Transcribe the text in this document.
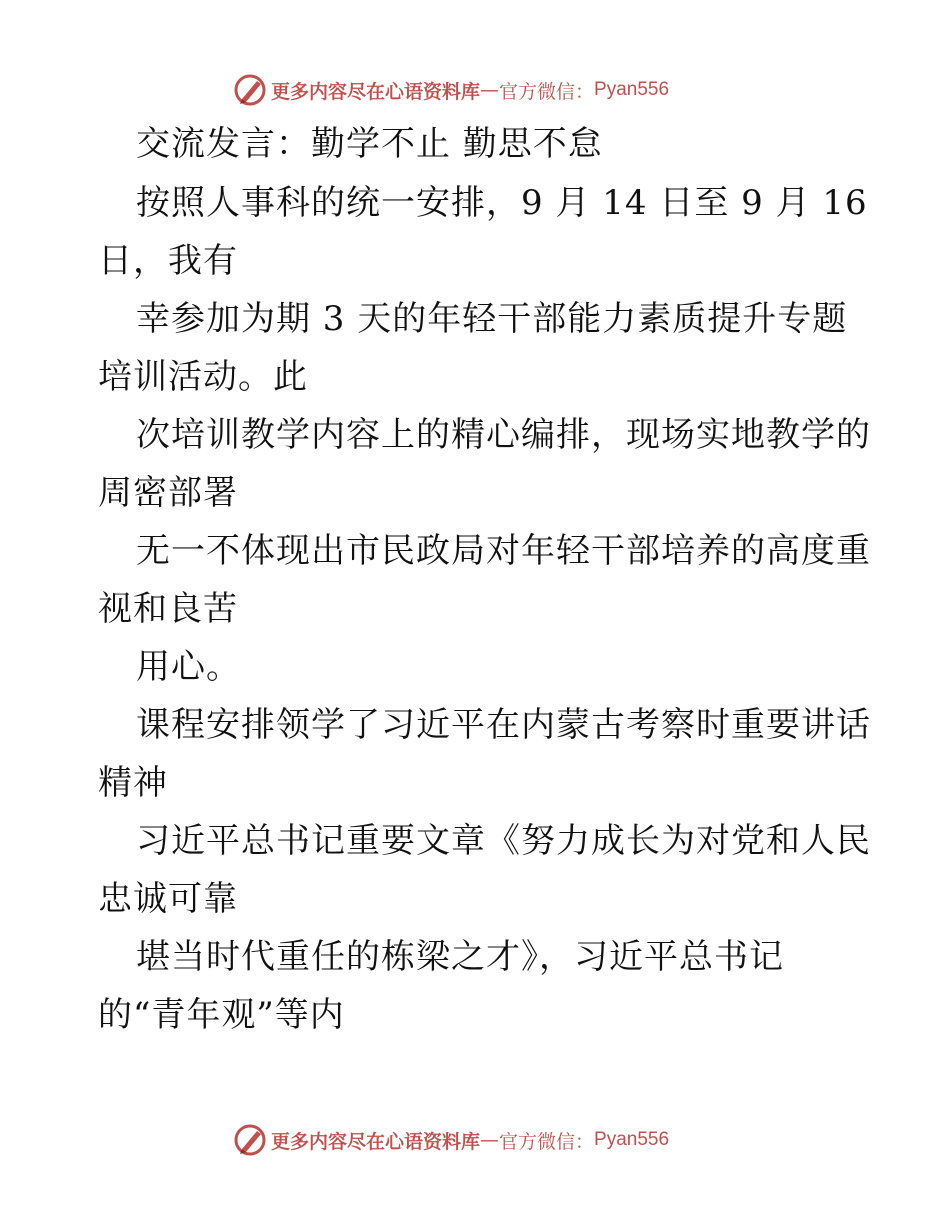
更多内容尽在心语资料库 — 官方微信： Pyan556
交流发言：勤学不止 勤思不怠
按照人事科的统一安排，9 月 14 日至 9 月 16
日，我有
幸参加为期 3 天的年轻干部能力素质提升专题
培训活动。此
次培训教学内容上的精心编排，现场实地教学的
周密部署
无一不体现出市民政局对年轻干部培养的高度重
视和良苦
用心。
课程安排领学了习近平在内蒙古考察时重要讲话
精神
习近平总书记重要文章《努力成长为对党和人民
忠诚可靠
堪当时代重任的栋梁之才》，习近平总书记
的“青年观”等内
更多内容尽在心语资料库 — 官方微信： Pyan556
